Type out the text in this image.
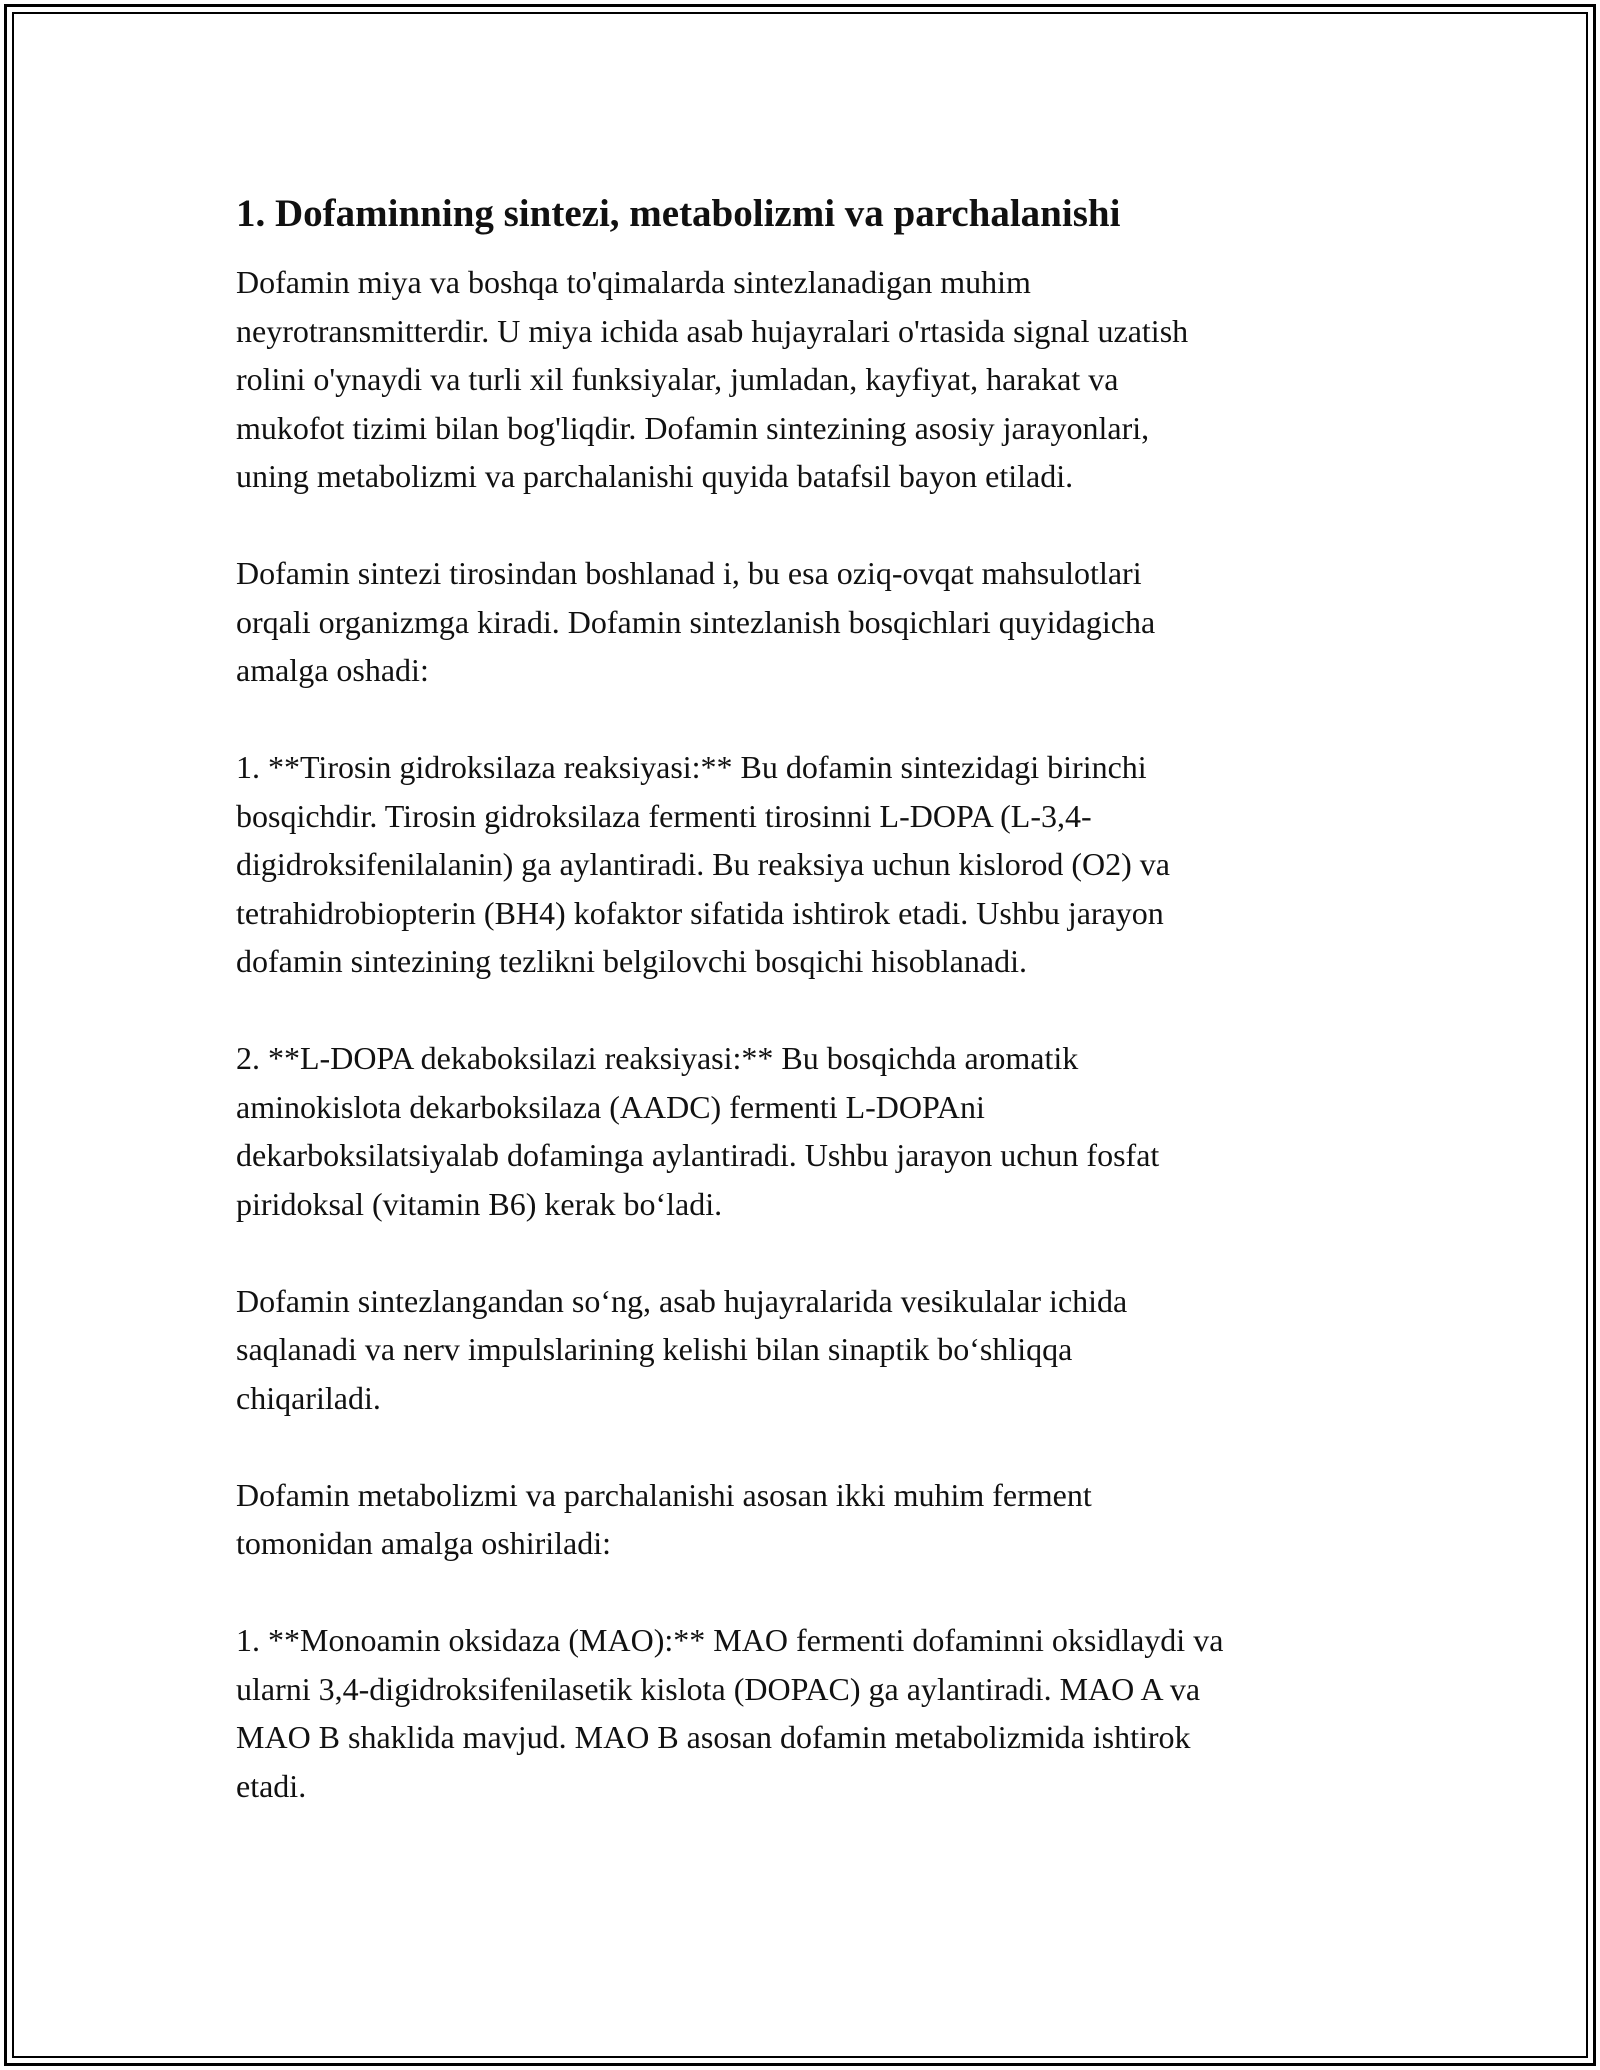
1. Dofaminning sintezi, metabolizmi va parchalanishi

Dofamin miya va boshqa to'qimalarda sintezlanadigan muhim
neyrotransmitterdir. U miya ichida asab hujayralari o'rtasida signal uzatish
rolini o'ynaydi va turli xil funksiyalar, jumladan, kayfiyat, harakat va
mukofot tizimi bilan bog'liqdir. Dofamin sintezining asosiy jarayonlari,
uning metabolizmi va parchalanishi quyida batafsil bayon etiladi.

Dofamin sintezi tirosindan boshlanad i, bu esa oziq-ovqat mahsulotlari
orqali organizmga kiradi. Dofamin sintezlanish bosqichlari quyidagicha
amalga oshadi:

1. **Tirosin gidroksilaza reaksiyasi:** Bu dofamin sintezidagi birinchi
bosqichdir. Tirosin gidroksilaza fermenti tirosinni L-DOPA (L-3,4-
digidroksifenilalanin) ga aylantiradi. Bu reaksiya uchun kislorod (O2) va
tetrahidrobiopterin (BH4) kofaktor sifatida ishtirok etadi. Ushbu jarayon
dofamin sintezining tezlikni belgilovchi bosqichi hisoblanadi.

2. **L-DOPA dekaboksilazi reaksiyasi:** Bu bosqichda aromatik
aminokislota dekarboksilaza (AADC) fermenti L-DOPAni
dekarboksilatsiyalab dofaminga aylantiradi. Ushbu jarayon uchun fosfat
piridoksal (vitamin B6) kerak bo‘ladi.

Dofamin sintezlangandan so‘ng, asab hujayralarida vesikulalar ichida
saqlanadi va nerv impulslarining kelishi bilan sinaptik bo‘shliqqa
chiqariladi.

Dofamin metabolizmi va parchalanishi asosan ikki muhim ferment
tomonidan amalga oshiriladi:

1. **Monoamin oksidaza (MAO):** MAO fermenti dofaminni oksidlaydi va
ularni 3,4-digidroksifenilasetik kislota (DOPAC) ga aylantiradi. MAO A va
MAO B shaklida mavjud. MAO B asosan dofamin metabolizmida ishtirok
etadi.
